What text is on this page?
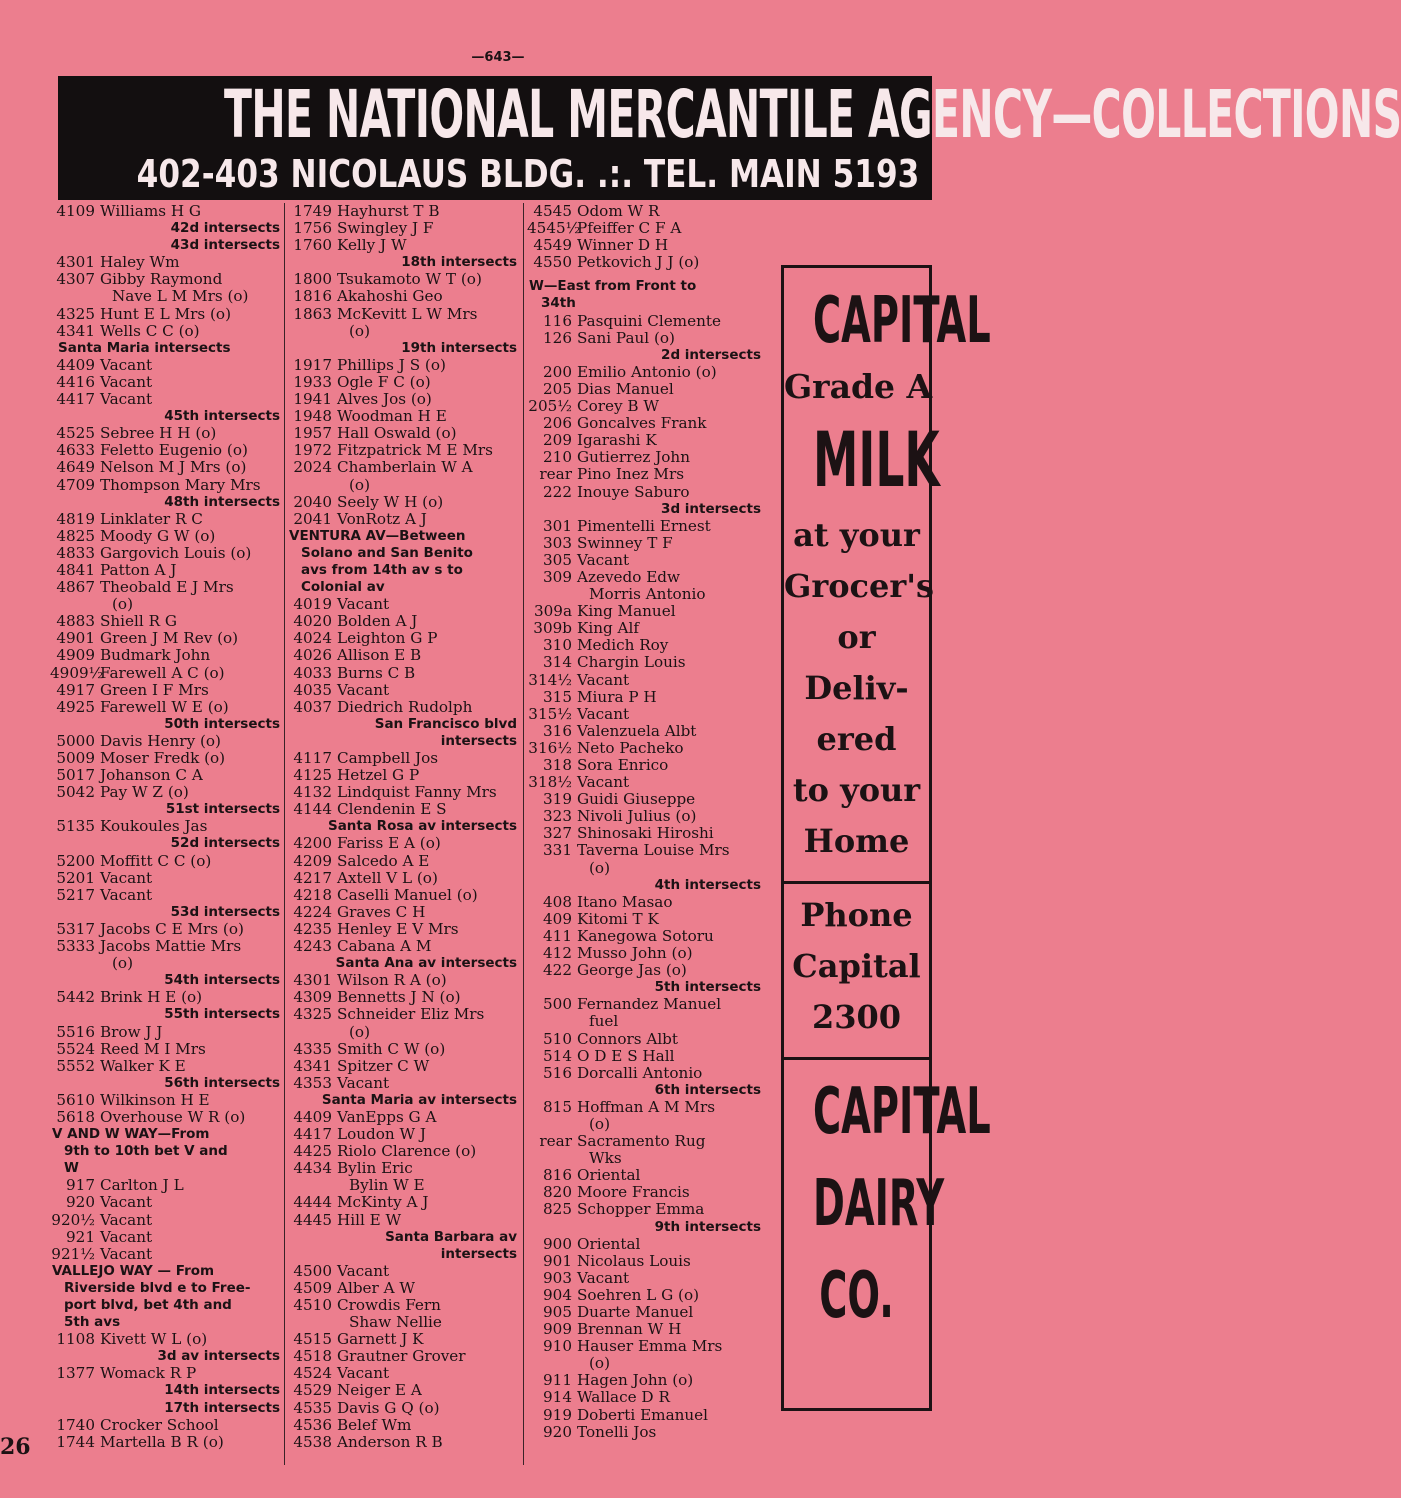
—643—
THE NATIONAL MERCANTILE AGENCY—COLLECTIONS
402-403 NICOLAUS BLDG. .:. TEL. MAIN 5193
4109 Williams H G
42d intersects
43d intersects
4301 Haley Wm
4307 Gibby Raymond
Nave L M Mrs (o)
4325 Hunt E L Mrs (o)
4341 Wells C C (o)
Santa Maria intersects
4409 Vacant
4416 Vacant
4417 Vacant
45th intersects
4525 Sebree H H (o)
4633 Feletto Eugenio (o)
4649 Nelson M J Mrs (o)
4709 Thompson Mary Mrs
48th intersects
4819 Linklater R C
4825 Moody G W (o)
4833 Gargovich Louis (o)
4841 Patton A J
4867 Theobald E J Mrs
(o)
4883 Shiell R G
4901 Green J M Rev (o)
4909 Budmark John
4909½
Farewell A C (o)
4917 Green I F Mrs
4925 Farewell W E (o)
50th intersects
5000 Davis Henry (o)
5009 Moser Fredk (o)
5017 Johanson C A
5042 Pay W Z (o)
51st intersects
5135 Koukoules Jas
52d intersects
5200 Moffitt C C (o)
5201 Vacant
5217 Vacant
53d intersects
5317 Jacobs C E Mrs (o)
5333 Jacobs Mattie Mrs
(o)
54th intersects
5442 Brink H E (o)
55th intersects
5516 Brow J J
5524 Reed M I Mrs
5552 Walker K E
56th intersects
5610 Wilkinson H E
5618 Overhouse W R (o)
V AND W WAY—From
9th to 10th bet V and
W
917 Carlton J L
920 Vacant
920½ Vacant
921 Vacant
921½ Vacant
VALLEJO WAY — From
Riverside blvd e to Free-
port blvd, bet 4th and
5th avs
1108 Kivett W L (o)
3d av intersects
1377 Womack R P
14th intersects
17th intersects
1740 Crocker School
1744 Martella B R (o)
1749 Hayhurst T B
1756 Swingley J F
1760 Kelly J W
18th intersects
1800 Tsukamoto W T (o)
1816 Akahoshi Geo
1863 McKevitt L W Mrs
(o)
19th intersects
1917 Phillips J S (o)
1933 Ogle F C (o)
1941 Alves Jos (o)
1948 Woodman H E
1957 Hall Oswald (o)
1972 Fitzpatrick M E Mrs
2024 Chamberlain W A
(o)
2040 Seely W H (o)
2041 VonRotz A J
VENTURA AV—Between
Solano and San Benito
avs from 14th av s to
Colonial av
4019 Vacant
4020 Bolden A J
4024 Leighton G P
4026 Allison E B
4033 Burns C B
4035 Vacant
4037 Diedrich Rudolph
San Francisco blvd
intersects
4117 Campbell Jos
4125 Hetzel G P
4132 Lindquist Fanny Mrs
4144 Clendenin E S
Santa Rosa av intersects
4200 Fariss E A (o)
4209 Salcedo A E
4217 Axtell V L (o)
4218 Caselli Manuel (o)
4224 Graves C H
4235 Henley E V Mrs
4243 Cabana A M
Santa Ana av intersects
4301 Wilson R A (o)
4309 Bennetts J N (o)
4325 Schneider Eliz Mrs
(o)
4335 Smith C W (o)
4341 Spitzer C W
4353 Vacant
Santa Maria av intersects
4409 VanEpps G A
4417 Loudon W J
4425 Riolo Clarence (o)
4434 Bylin Eric
Bylin W E
4444 McKinty A J
4445 Hill E W
Santa Barbara av
intersects
4500 Vacant
4509 Alber A W
4510 Crowdis Fern
Shaw Nellie
4515 Garnett J K
4518 Grautner Grover
4524 Vacant
4529 Neiger E A
4535 Davis G Q (o)
4536 Belef Wm
4538 Anderson R B
4545 Odom W R
4545½
Pfeiffer C F A
4549 Winner D H
4550 Petkovich J J (o)
W—East from Front to
34th
116 Pasquini Clemente
126 Sani Paul (o)
2d intersects
200 Emilio Antonio (o)
205 Dias Manuel
205½ Corey B W
206 Goncalves Frank
209 Igarashi K
210 Gutierrez John
rear Pino Inez Mrs
222 Inouye Saburo
3d intersects
301 Pimentelli Ernest
303 Swinney T F
305 Vacant
309 Azevedo Edw
Morris Antonio
309a King Manuel
309b King Alf
310 Medich Roy
314 Chargin Louis
314½ Vacant
315 Miura P H
315½ Vacant
316 Valenzuela Albt
316½ Neto Pacheko
318 Sora Enrico
318½ Vacant
319 Guidi Giuseppe
323 Nivoli Julius (o)
327 Shinosaki Hiroshi
331 Taverna Louise Mrs
(o)
4th intersects
408 Itano Masao
409 Kitomi T K
411 Kanegowa Sotoru
412 Musso John (o)
422 George Jas (o)
5th intersects
500 Fernandez Manuel
fuel
510 Connors Albt
514 O D E S Hall
516 Dorcalli Antonio
6th intersects
815 Hoffman A M Mrs
(o)
rear Sacramento Rug
Wks
816 Oriental
820 Moore Francis
825 Schopper Emma
9th intersects
900 Oriental
901 Nicolaus Louis
903 Vacant
904 Soehren L G (o)
905 Duarte Manuel
909 Brennan W H
910 Hauser Emma Mrs
(o)
911 Hagen John (o)
914 Wallace D R
919 Doberti Emanuel
920 Tonelli Jos
CAPITAL
Grade A
MILK
at your
Grocer's
or
Deliv-
ered
to your
Home
Phone
Capital
2300
CAPITAL
DAIRY
CO.
26
